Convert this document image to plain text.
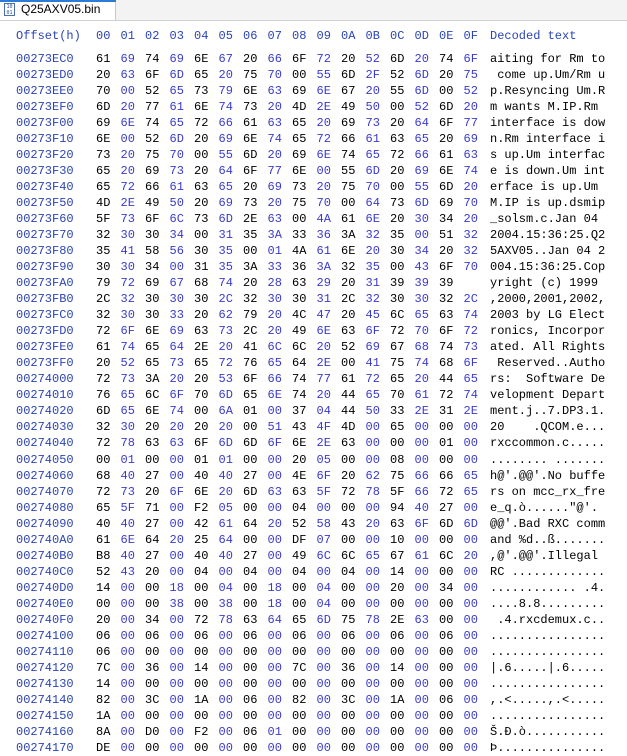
10
01 Q25AXV05.bin
Offset(h) 00 01 02 03 04 05 06 07 08 09 0A 0B 0C 0D 0E 0F Decoded text
00273EC0 61 69 74 69 6E 67 20 66 6F 72 20 52 6D 20 74 6F aiting for Rm to
00273ED0 20 63 6F 6D 65 20 75 70 00 55 6D 2F 52 6D 20 75 come up.Um/Rm u
00273EE0 70 00 52 65 73 79 6E 63 69 6E 67 20 55 6D 00 52 p.Resyncing Um.R
00273EF0 6D 20 77 61 6E 74 73 20 4D 2E 49 50 00 52 6D 20 m wants M.IP.Rm
00273F00 69 6E 74 65 72 66 61 63 65 20 69 73 20 64 6F 77 interface is dow
00273F10 6E 00 52 6D 20 69 6E 74 65 72 66 61 63 65 20 69 n.Rm interface i
00273F20 73 20 75 70 00 55 6D 20 69 6E 74 65 72 66 61 63 s up.Um interfac
00273F30 65 20 69 73 20 64 6F 77 6E 00 55 6D 20 69 6E 74 e is down.Um int
00273F40 65 72 66 61 63 65 20 69 73 20 75 70 00 55 6D 20 erface is up.Um
00273F50 4D 2E 49 50 20 69 73 20 75 70 00 64 73 6D 69 70 M.IP is up.dsmip
00273F60 5F 73 6F 6C 73 6D 2E 63 00 4A 61 6E 20 30 34 20 _solsm.c.Jan 04
00273F70 32 30 30 34 00 31 35 3A 33 36 3A 32 35 00 51 32 2004.15:36:25.Q2
00273F80 35 41 58 56 30 35 00 01 4A 61 6E 20 30 34 20 32 5AXV05..Jan 04 2
00273F90 30 30 34 00 31 35 3A 33 36 3A 32 35 00 43 6F 70 004.15:36:25.Cop
00273FA0 79 72 69 67 68 74 20 28 63 29 20 31 39 39 39
	yright (c) 1999
00273FB0 2C 32 30 30 30 2C 32 30 30 31 2C 32 30 30 32 2C ,2000,2001,2002,
00273FC0 32 30 30 33 20 62 79 20 4C 47 20 45 6C 65 63 74 2003 by LG Elect
00273FD0 72 6F 6E 69 63 73 2C 20 49 6E 63 6F 72 70 6F 72 ronics, Incorpor
00273FE0 61 74 65 64 2E 20 41 6C 6C 20 52 69 67 68 74 73 ated. All Rights
00273FF0 20 52 65 73 65 72 76 65 64 2E 00 41 75 74 68 6F Reserved..Autho
00274000 72 73 3A 20 20 53 6F 66 74 77 61 72 65 20 44 65 rs:  Software De
00274010 76 65 6C 6F 70 6D 65 6E 74 20 44 65 70 61 72 74 velopment Depart
00274020 6D 65 6E 74 00 6A 01 00 37 04 44 50 33 2E 31 2E ment.j..7.DP3.1.
00274030 32 30 20 20 20 20 00 51 43 4F 4D 00 65 00 00 00 20    .QCOM.e...
00274040 72 78 63 63 6F 6D 6D 6F 6E 2E 63 00 00 00 01 00 rxccommon.c.....
00274050 00 01 00 00 01 01 00 00 20 05 00 00 08 00 00 00 ........ .......
00274060 68 40 27 00 40 40 27 00 4E 6F 20 62 75 66 66 65 h@'.@@'.No buffe
00274070 72 73 20 6F 6E 20 6D 63 63 5F 72 78 5F 66 72 65 rs on mcc_rx_fre
00274080 65 5F 71 00 F2 05 00 00 04 00 00 00 94 40 27 00 e_q.ò......"@'.
00274090 40 40 27 00 42 61 64 20 52 58 43 20 63 6F 6D 6D @@'.Bad RXC comm
002740A0 61 6E 64 20 25 64 00 00 DF 07 00 00 10 00 00 00 and %d..ß.......
002740B0 B8 40 27 00 40 40 27 00 49 6C 6C 65 67 61 6C 20 ,@'.@@'.Illegal
002740C0 52 43 20 00 04 00 04 00 04 00 04 00 14 00 00 00 RC .............
002740D0 14 00 00 18 00 04 00 18 00 04 00 00 20 00 34 00 ............ .4.
002740E0 00 00 00 38 00 38 00 18 00 04 00 00 00 00 00 00 ....8.8.........
002740F0 20 00 34 00 72 78 63 64 65 6D 75 78 2E 63 00 00 .4.rxcdemux.c..
00274100 06 00 06 00 06 00 06 00 06 00 06 00 06 00 06 00 ................
00274110 06 00 00 00 00 00 00 00 00 00 00 00 00 00 00 00 ................
00274120 7C 00 36 00 14 00 00 00 7C 00 36 00 14 00 00 00 |.6.....|.6.....
00274130 14 00 00 00 00 00 00 00 00 00 00 00 00 00 00 00 ................
00274140 82 00 3C 00 1A 00 06 00 82 00 3C 00 1A 00 06 00 ,.<.....,.<.....
00274150 1A 00 00 00 00 00 00 00 00 00 00 00 00 00 00 00 ................
00274160 8A 00 D0 00 F2 00 06 01 00 00 00 00 00 00 00 00 Š.Ð.ò...........
00274170 DE 00 00 00 00 00 00 00 00 00 00 00 00 00 00 00 Þ...............
